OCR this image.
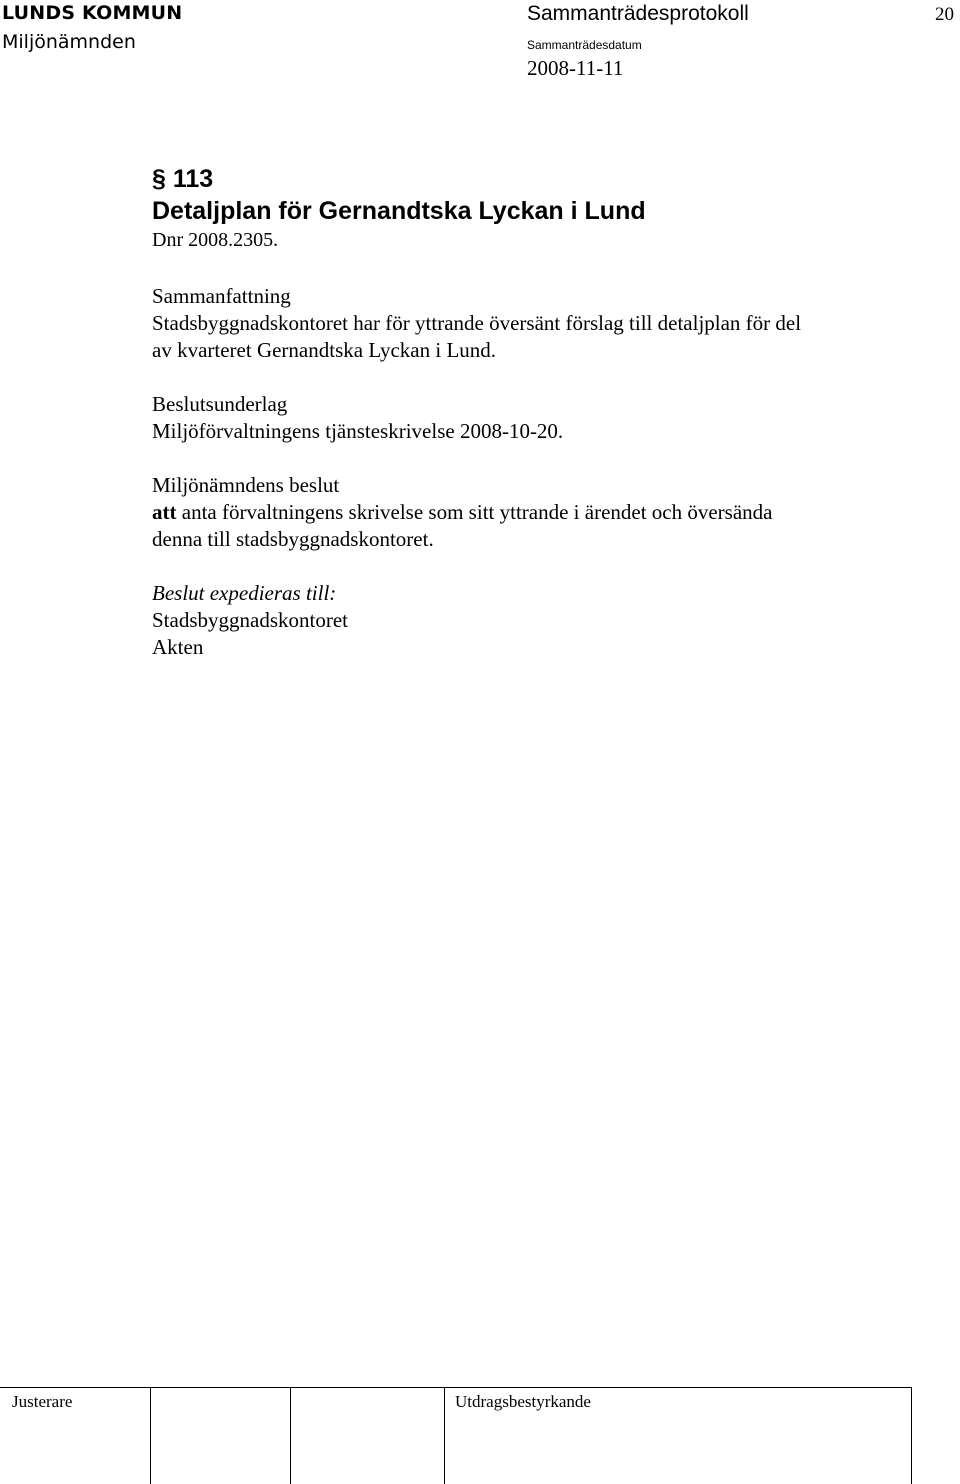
LUNDS KOMMUN
Miljönämnden
Sammanträdesprotokoll	20
Sammanträdesdatum
2008-11-11
§ 113
Detaljplan för Gernandtska Lyckan i Lund
Dnr 2008.2305.

Sammanfattning

Stadsbyggnadskontoret har för yttrande översänt förslag till detaljplan för del

av kvarteret Gernandtska Lyckan i Lund.

Beslutsunderlag

Miljöförvaltningens tjänsteskrivelse 2008-10-20.

Miljönämndens beslut

att anta förvaltningens skrivelse som sitt yttrande i ärendet och översända

denna till stadsbyggnadskontoret.

Beslut expedieras till:

Stadsbyggnadskontoret

Akten

Justerare	Utdragsbestyrkande
